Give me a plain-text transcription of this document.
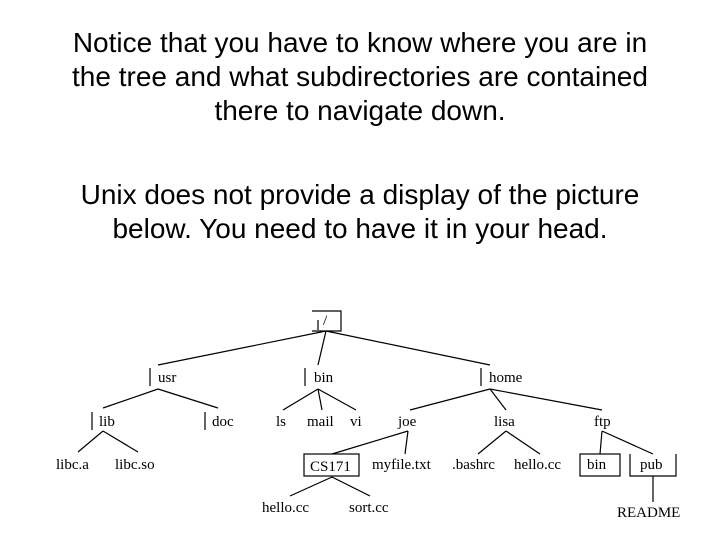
Notice that you have to know where you are in
the tree and what subdirectories are contained
there to navigate down.
Unix does not provide a display of the picture
below. You need to have it in your head.
/
usr	bin	home
lib	doc	ls mail vi joe	lisa	ftp
libc.a libc.so	CS171 myfile.txt .bashrc hello.cc bin pub
hello.cc	sort.cc	README
